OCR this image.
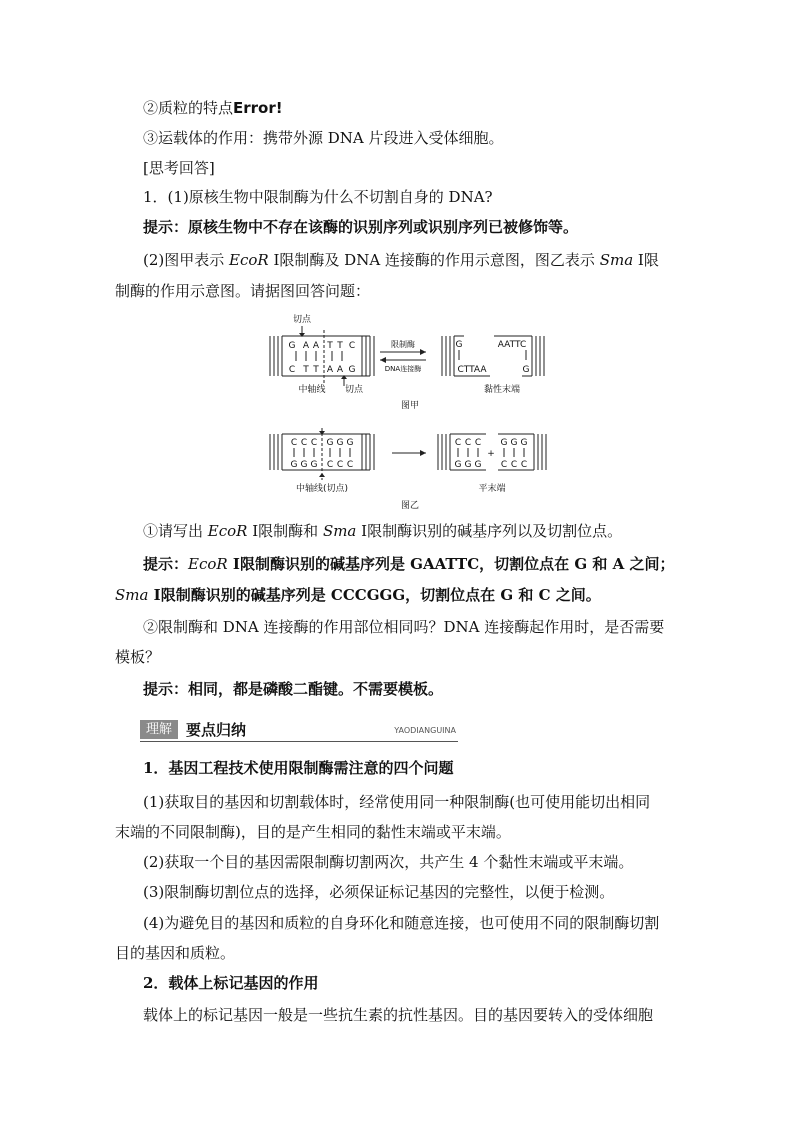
②质粒的特点Error!
③运载体的作用：携带外源 DNA 片段进入受体细胞。
[思考回答]
1．(1)原核生物中限制酶为什么不切割自身的 DNA?
提示：原核生物中不存在该酶的识别序列或识别序列已被修饰等。
(2)图甲表示 EcoR Ⅰ限制酶及 DNA 连接酶的作用示意图，图乙表示 Sma Ⅰ限
制酶的作用示意图。请据图回答问题：
G A A T T C
C T T A A G
限制酶
DNA连接酶
切点
中轴线 切点
G
CTTAA
AATTC
G
黏性末端
图甲
C C C G G G
G G G C C C
C C C
G G G
+
G G G
C C C
中轴线(切点)	平末端
图乙
①请写出 EcoR Ⅰ限制酶和 Sma Ⅰ限制酶识别的碱基序列以及切割位点。
提示：EcoR Ⅰ限制酶识别的碱基序列是 GAATTC，切割位点在 G 和 A 之间；
Sma Ⅰ限制酶识别的碱基序列是 CCCGGG，切割位点在 G 和 C 之间。
②限制酶和 DNA 连接酶的作用部位相同吗？DNA 连接酶起作用时，是否需要
模板？
提示：相同，都是磷酸二酯键。不需要模板。
理解 要点归纳	YAODIANGUINA
1．基因工程技术使用限制酶需注意的四个问题
(1)获取目的基因和切割载体时，经常使用同一种限制酶(也可使用能切出相同
末端的不同限制酶)，目的是产生相同的黏性末端或平末端。
(2)获取一个目的基因需限制酶切割两次，共产生 4 个黏性末端或平末端。
(3)限制酶切割位点的选择，必须保证标记基因的完整性，以便于检测。
(4)为避免目的基因和质粒的自身环化和随意连接，也可使用不同的限制酶切割
目的基因和质粒。
2．载体上标记基因的作用
载体上的标记基因一般是一些抗生素的抗性基因。目的基因要转入的受体细胞
